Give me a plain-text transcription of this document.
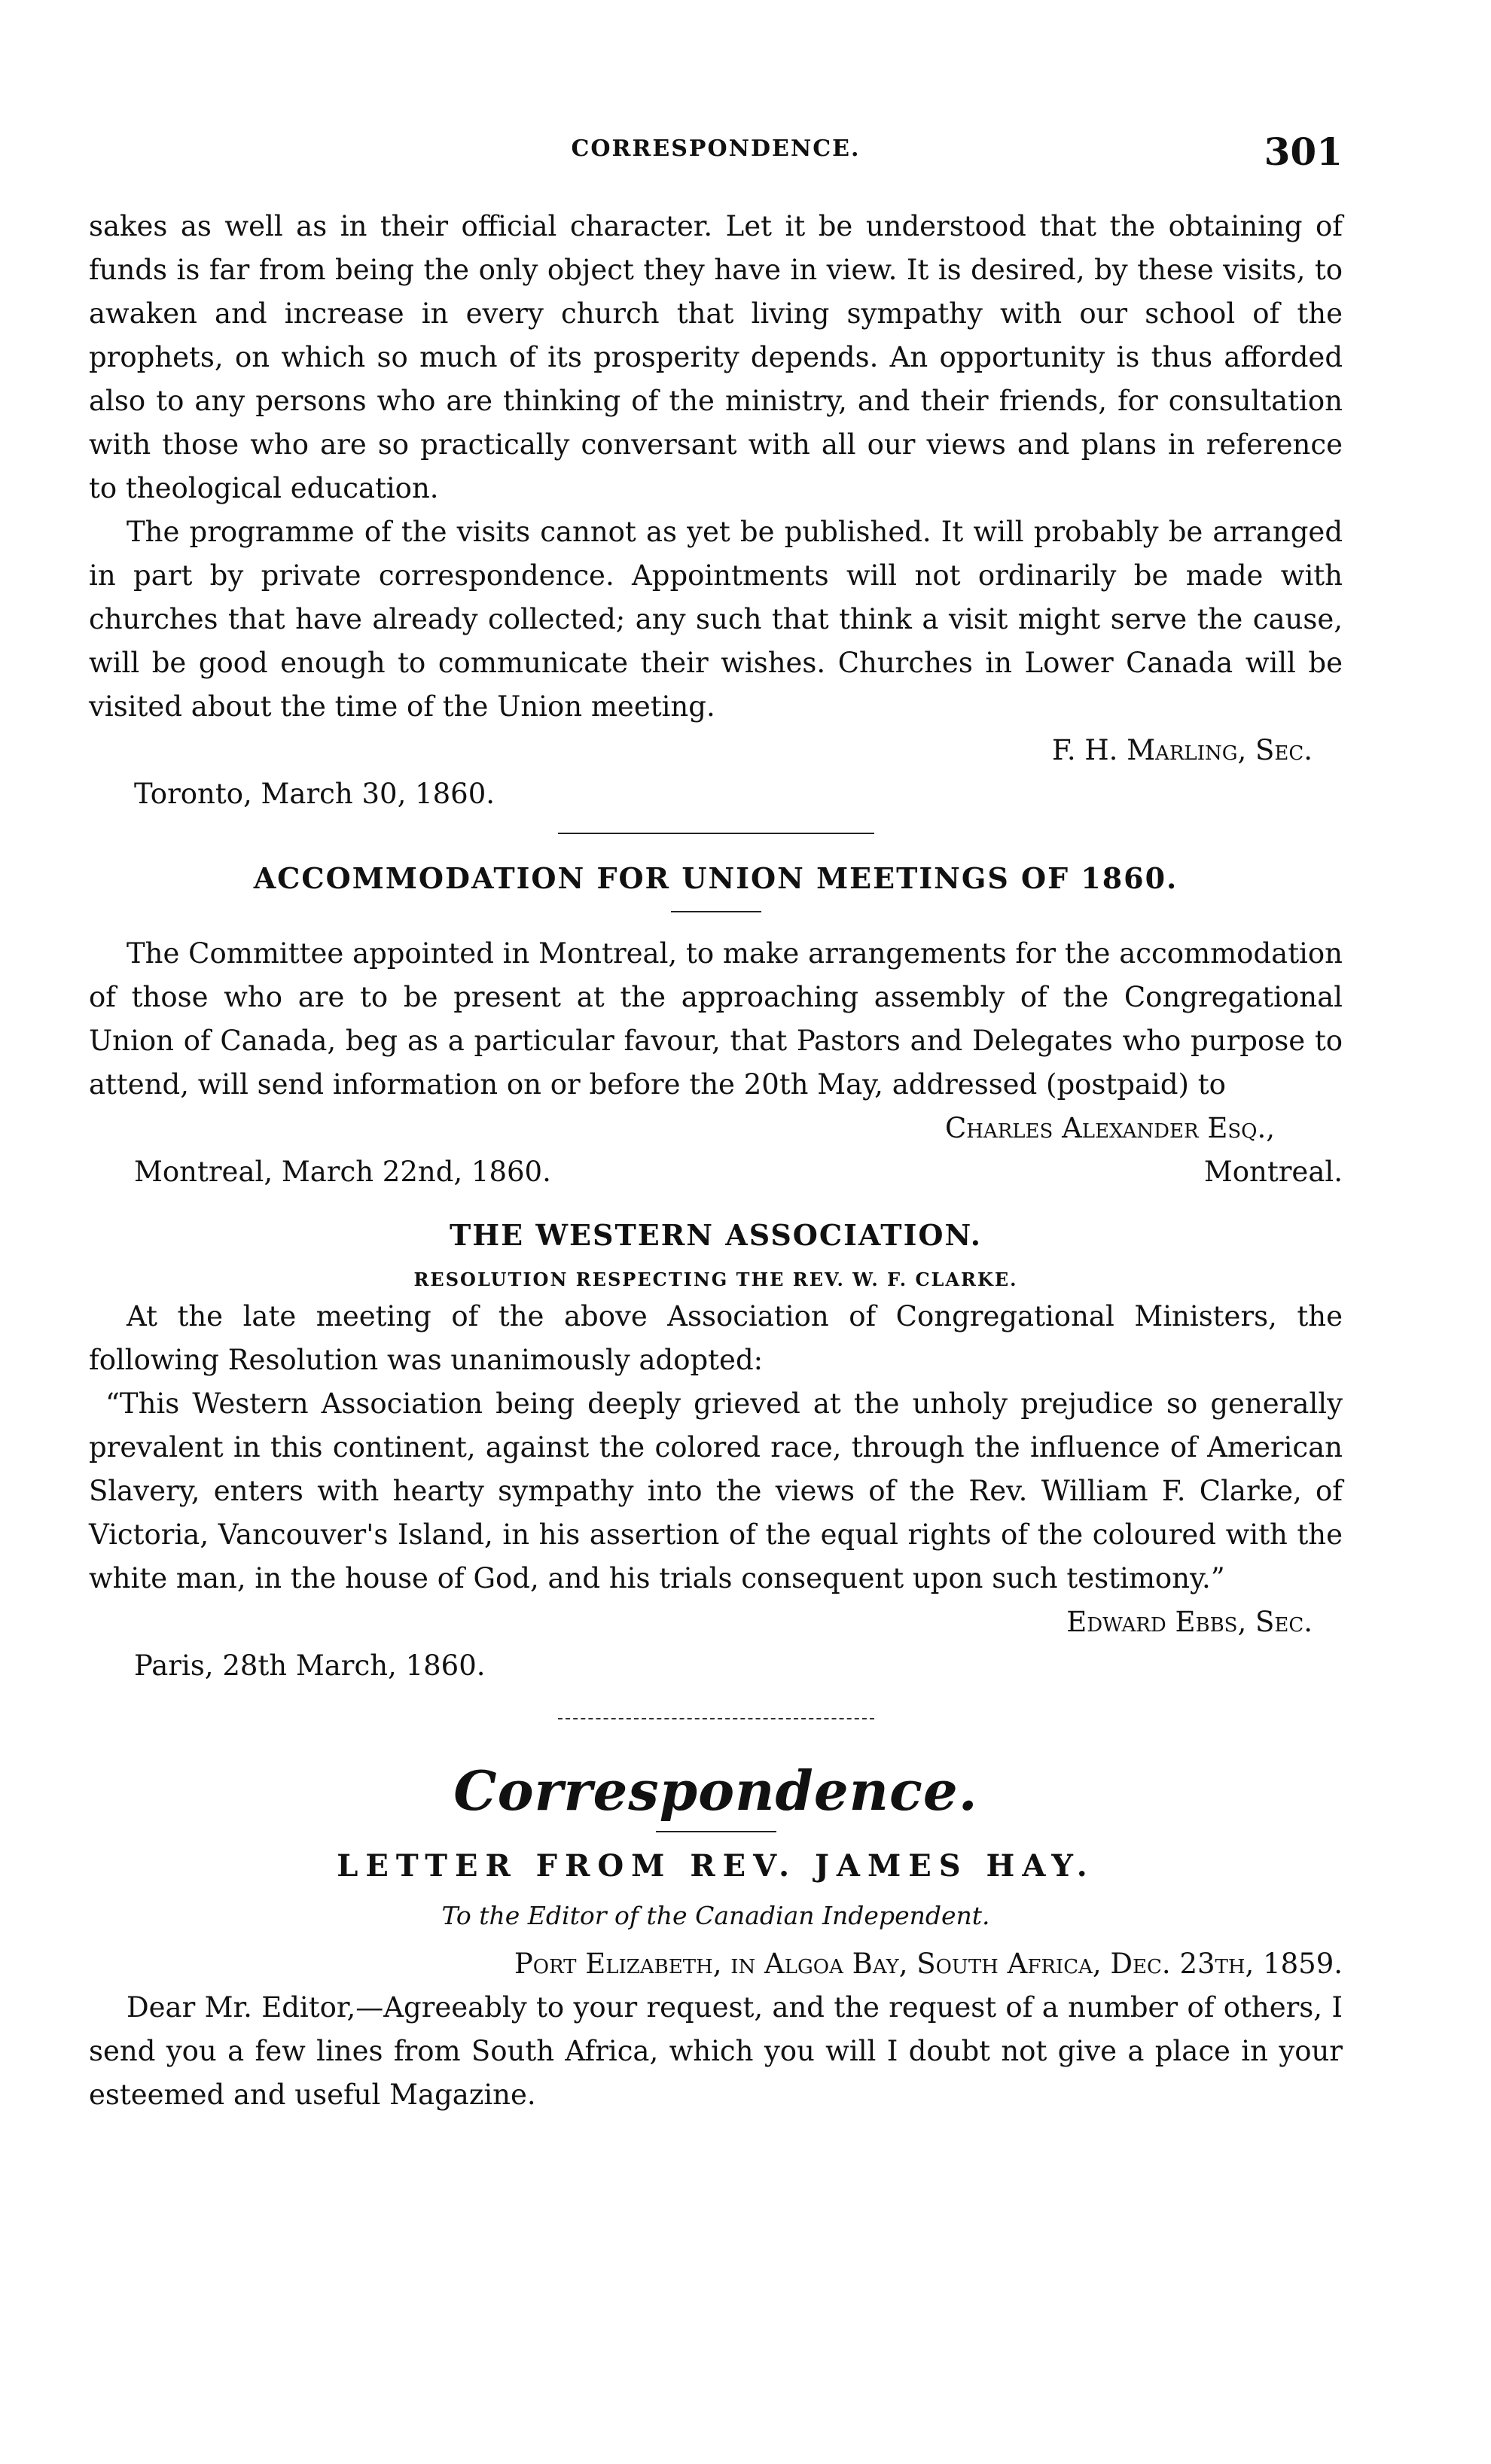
CORRESPONDENCE.	301

sakes as well as in their official character. Let it be understood that the obtaining of funds is far from being the only object they have in view. It is desired, by these visits, to awaken and increase in every church that living sympathy with our school of the prophets, on which so much of its prosperity depends. An opportunity is thus afforded also to any persons who are thinking of the ministry, and their friends, for consultation with those who are so practically conversant with all our views and plans in reference to theological education.

The programme of the visits cannot as yet be published. It will probably be arranged in part by private correspondence. Appointments will not ordinarily be made with churches that have already collected; any such that think a visit might serve the cause, will be good enough to communicate their wishes. Churches in Lower Canada will be visited about the time of the Union meeting.

F. H. Marling, Sec.

Toronto, March 30, 1860.

ACCOMMODATION FOR UNION MEETINGS OF 1860.

The Committee appointed in Montreal, to make arrangements for the accommodation of those who are to be present at the approaching assembly of the Congregational Union of Canada, beg as a particular favour, that Pastors and Delegates who purpose to attend, will send information on or before the 20th May, addressed (postpaid) to

Charles Alexander Esq.,

Montreal, March 22nd, 1860.	Montreal.
THE WESTERN ASSOCIATION.
RESOLUTION RESPECTING THE REV. W. F. CLARKE.

At the late meeting of the above Association of Congregational Ministers, the following Resolution was unanimously adopted:

“This Western Association being deeply grieved at the unholy prejudice so generally prevalent in this continent, against the colored race, through the influence of American Slavery, enters with hearty sympathy into the views of the Rev. William F. Clarke, of Victoria, Vancouver's Island, in his assertion of the equal rights of the coloured with the white man, in the house of God, and his trials consequent upon such testimony.”

Edward Ebbs, Sec.

Paris, 28th March, 1860.

Correspondence.
LETTER FROM REV. JAMES HAY.

To the Editor of the Canadian Independent.

Port Elizabeth, in Algoa Bay, South Africa, Dec. 23th, 1859.

Dear Mr. Editor,—Agreeably to your request, and the request of a number of others, I send you a few lines from South Africa, which you will I doubt not give a place in your esteemed and useful Magazine.
